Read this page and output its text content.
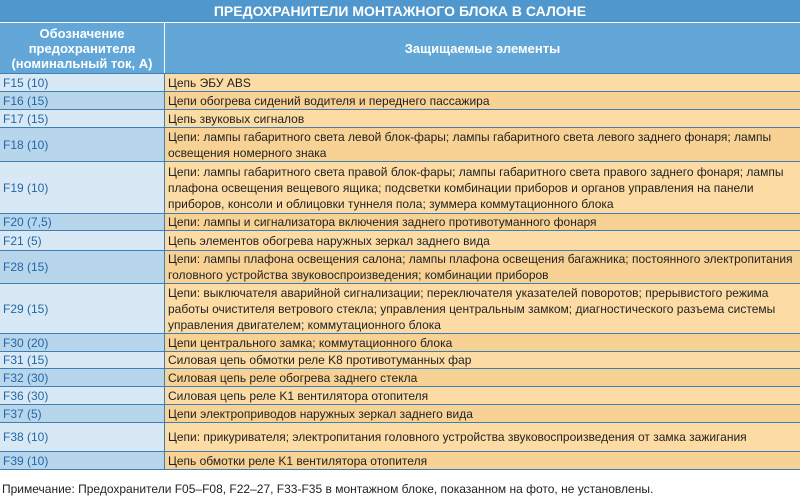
ПРЕДОХРАНИТЕЛИ МОНТАЖНОГО БЛОКА В САЛОНЕ
Обозначение предохранителя (номинальный ток, А)	Защищаемые элементы
F15 (10)	Цепь ЭБУ ABS
F16 (15)	Цепи обогрева сидений водителя и переднего пассажира
F17 (15)	Цепь звуковых сигналов
F18 (10)	Цепи: лампы габаритного света левой блок-фары; лампы габаритного света левого заднего фонаря; лампы освещения номерного знака
F19 (10)	Цепи: лампы габаритного света правой блок-фары; лампы габаритного света правого заднего фонаря; лампы плафона освещения вещевого ящика; подсветки комбинации приборов и органов управления на панели приборов, консоли и облицовки туннеля пола; зуммера коммутационного блока
F20 (7,5)	Цепи: лампы и сигнализатора включения заднего противотуманного фонаря
F21 (5)	Цепь элементов обогрева наружных зеркал заднего вида
F28 (15)	Цепи: лампы плафона освещения салона; лампы плафона освещения багажника; постоянного электропитания головного устройства звуковоспроизведения; комбинации приборов
F29 (15)	Цепи: выключателя аварийной сигнализации; переключателя указателей поворотов; прерывистого режима работы очистителя ветрового стекла; управления центральным замком; диагностического разъема системы управления двигателем; коммутационного блока
F30 (20)	Цепи центрального замка; коммутационного блока
F31 (15)	Силовая цепь обмотки реле K8 противотуманных фар
F32 (30)	Силовая цепь реле обогрева заднего стекла
F36 (30)	Силовая цепь реле K1 вентилятора отопителя
F37 (5)	Цепи электроприводов наружных зеркал заднего вида
F38 (10)	Цепи: прикуривателя; электропитания головного устройства звуковоспроизведения от замка зажигания
F39 (10)	Цепь обмотки реле K1 вентилятора отопителя
Примечание: Предохранители F05–F08, F22–27, F33-F35 в монтажном блоке, показанном на фото, не установлены.
